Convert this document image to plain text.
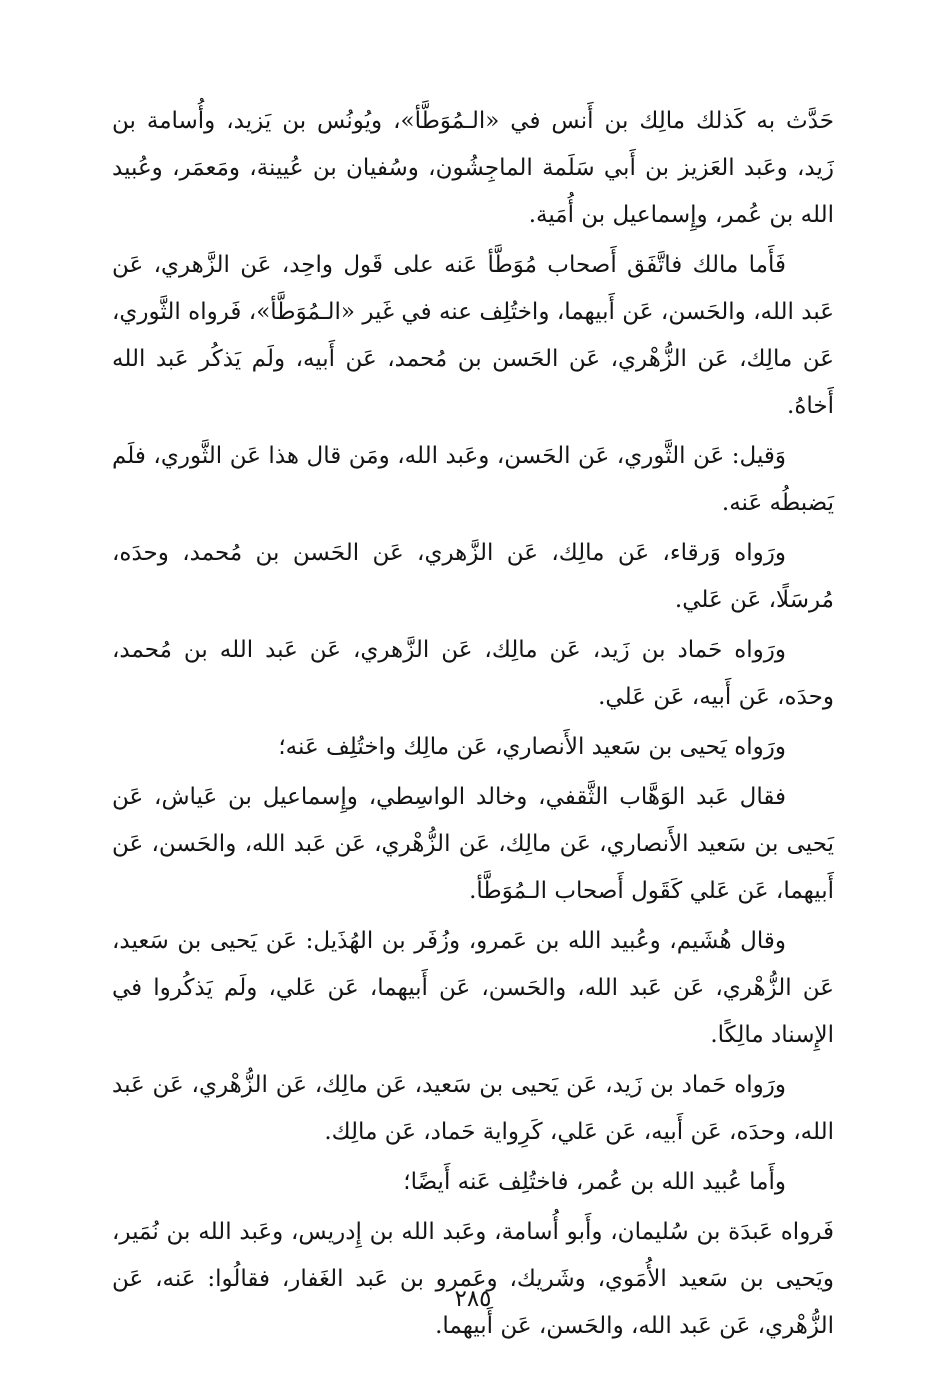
حَدَّث به كَذلك مالِك بن أَنس في «الـمُوَطَّأ»، ويُونُس بن يَزيد، وأُسامة بن زَيد، وعَبد العَزيز بن أَبي سَلَمة الماجِشُون، وسُفيان بن عُيينة، ومَعمَر، وعُبيد الله بن عُمر، وإِسماعيل بن أُمَية.

فَأَما مالك فاتَّفَق أَصحاب مُوَطَّأ عَنه على قَول واحِد، عَن الزَّهري، عَن عَبد الله، والحَسن، عَن أَبيهما، واختُلِف عنه في غَير «الـمُوَطَّأ»، فَرواه الثَّوري، عَن مالِك، عَن الزُّهْري، عَن الحَسن بن مُحمد، عَن أَبيه، ولَم يَذكُر عَبد الله أَخاهُ.

وَقيل: عَن الثَّوري، عَن الحَسن، وعَبد الله، ومَن قال هذا عَن الثَّوري، فلَم يَضبطُه عَنه.

ورَواه وَرقاء، عَن مالِك، عَن الزَّهري، عَن الحَسن بن مُحمد، وحدَه، مُرسَلًا، عَن عَلي.

ورَواه حَماد بن زَيد، عَن مالِك، عَن الزَّهري، عَن عَبد الله بن مُحمد، وحدَه، عَن أَبيه، عَن عَلي.

ورَواه يَحيى بن سَعيد الأَنصاري، عَن مالِك واختُلِف عَنه؛

فقال عَبد الوَهَّاب الثَّقفي، وخالد الواسِطي، وإِسماعيل بن عَياش، عَن يَحيى بن سَعيد الأَنصاري، عَن مالِك، عَن الزُّهْري، عَن عَبد الله، والحَسن، عَن أَبيهما، عَن عَلي كَقَول أَصحاب الـمُوَطَّأ.

وقال هُشَيم، وعُبيد الله بن عَمرو، وزُفَر بن الهُذَيل: عَن يَحيى بن سَعيد، عَن الزُّهْري، عَن عَبد الله، والحَسن، عَن أَبيهما، عَن عَلي، ولَم يَذكُروا في الإِسناد مالِكًا.

ورَواه حَماد بن زَيد، عَن يَحيى بن سَعيد، عَن مالِك، عَن الزُّهْري، عَن عَبد الله، وحدَه، عَن أَبيه، عَن عَلي، كَرِواية حَماد، عَن مالِك.

وأَما عُبيد الله بن عُمر، فاختُلِف عَنه أَيضًا؛

فَرواه عَبدَة بن سُليمان، وأَبو أُسامة، وعَبد الله بن إِدريس، وعَبد الله بن نُمَير، ويَحيى بن سَعيد الأُمَوي، وشَريك، وعَمرو بن عَبد الغَفار، فقالُوا: عَنه، عَن الزُّهْري، عَن عَبد الله، والحَسن، عَن أَبيهما.

٢٨٥
